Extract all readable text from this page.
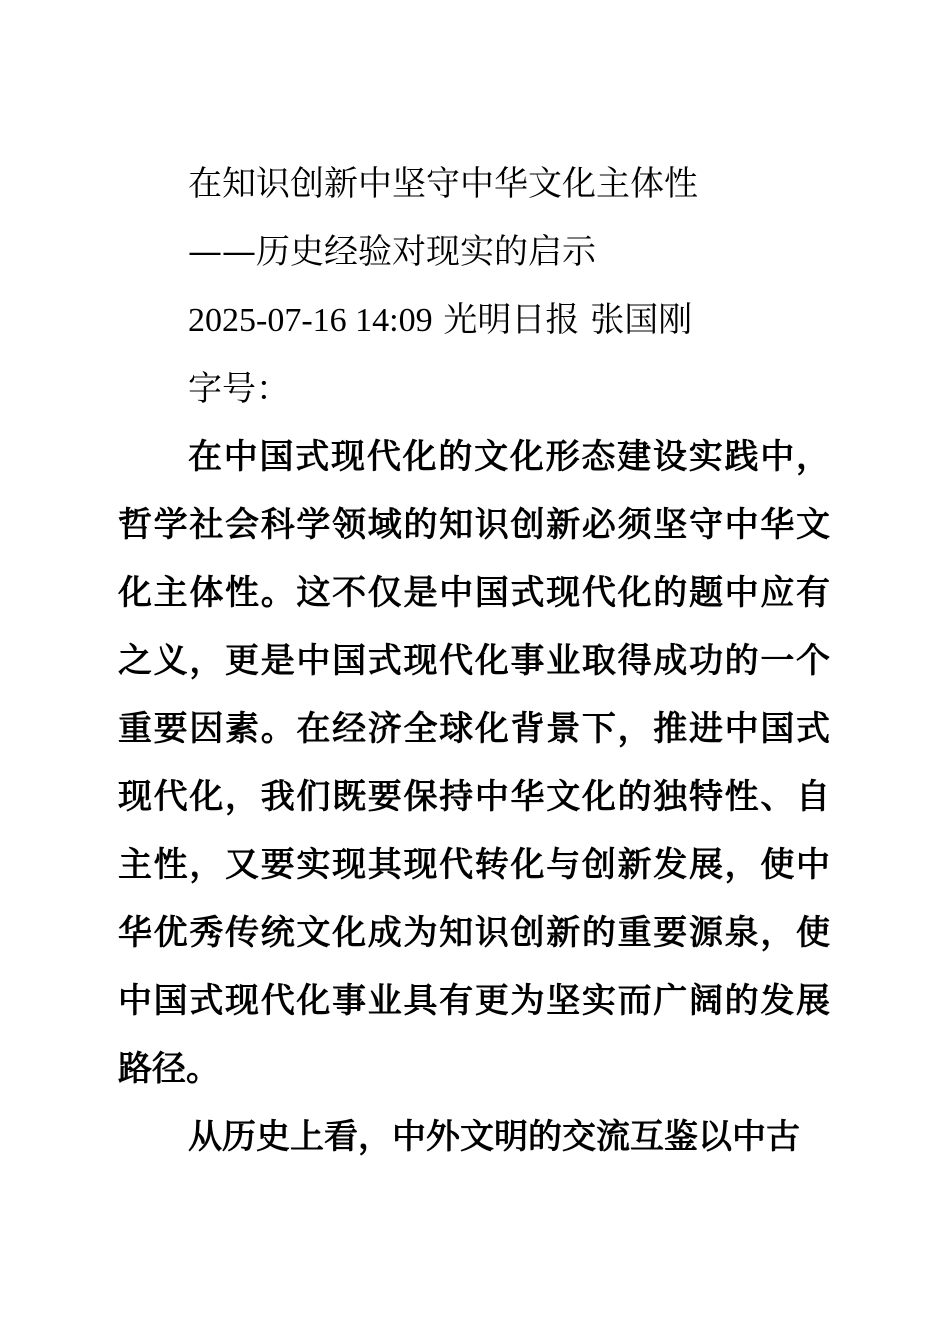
在知识创新中坚守中华文化主体性
——历史经验对现实的启示
2025-07-16 14:09 光明日报 张国刚
字号：

在中国式现代化的文化形态建设实践中，哲学社会科学领域的知识创新必须坚守中华文化主体性。这不仅是中国式现代化的题中应有之义，更是中国式现代化事业取得成功的一个重要因素。在经济全球化背景下，推进中国式现代化，我们既要保持中华文化的独特性、自主性，又要实现其现代转化与创新发展，使中华优秀传统文化成为知识创新的重要源泉，使中国式现代化事业具有更为坚实而广阔的发展路径。

从历史上看，中外文明的交流互鉴以中古
